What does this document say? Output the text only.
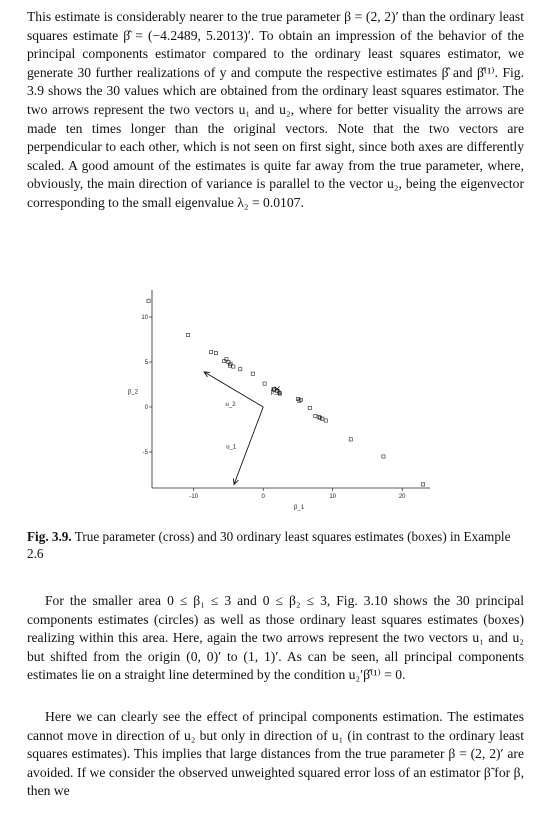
This estimate is considerably nearer to the true parameter β = (2, 2)′ than the ordinary least squares estimate β̂ = (−4.2489, 5.2013)′. To obtain an impression of the behavior of the principal components estimator compared to the ordinary least squares estimator, we generate 30 further realizations of y and compute the respective estimates β̂ and β̂⁽¹⁾. Fig. 3.9 shows the 30 values which are obtained from the ordinary least squares estimator. The two arrows represent the two vectors u₁ and u₂, where for better visuality the arrows are made ten times longer than the original vectors. Note that the two vectors are perpendicular to each other, which is not seen on first sight, since both axes are differently scaled. A good amount of the estimates is quite far away from the true parameter, where, obviously, the main direction of variance is parallel to the vector u₂, being the eigenvector corresponding to the small eigenvalue λ₂ = 0.0107.

-10	0	10	20
-5
0
5
10
β_1
β_2
u_2
u_1
β_1

Fig. 3.9. True parameter (cross) and 30 ordinary least squares estimates (boxes) in Example 2.6

For the smaller area 0 ≤ β₁ ≤ 3 and 0 ≤ β₂ ≤ 3, Fig. 3.10 shows the 30 principal components estimates (circles) as well as those ordinary least squares estimates (boxes) realizing within this area. Here, again the two arrows represent the two vectors u₁ and u₂ but shifted from the origin (0, 0)′ to (1, 1)′. As can be seen, all principal components estimates lie on a straight line determined by the condition u₂′β̂⁽¹⁾ = 0.

Here we can clearly see the effect of principal components estimation. The estimates cannot move in direction of u₂ but only in direction of u₁ (in contrast to the ordinary least squares estimates). This implies that large distances from the true parameter β = (2, 2)′ are avoided. If we consider the observed unweighted squared error loss of an estimator β̃ for β, then we
